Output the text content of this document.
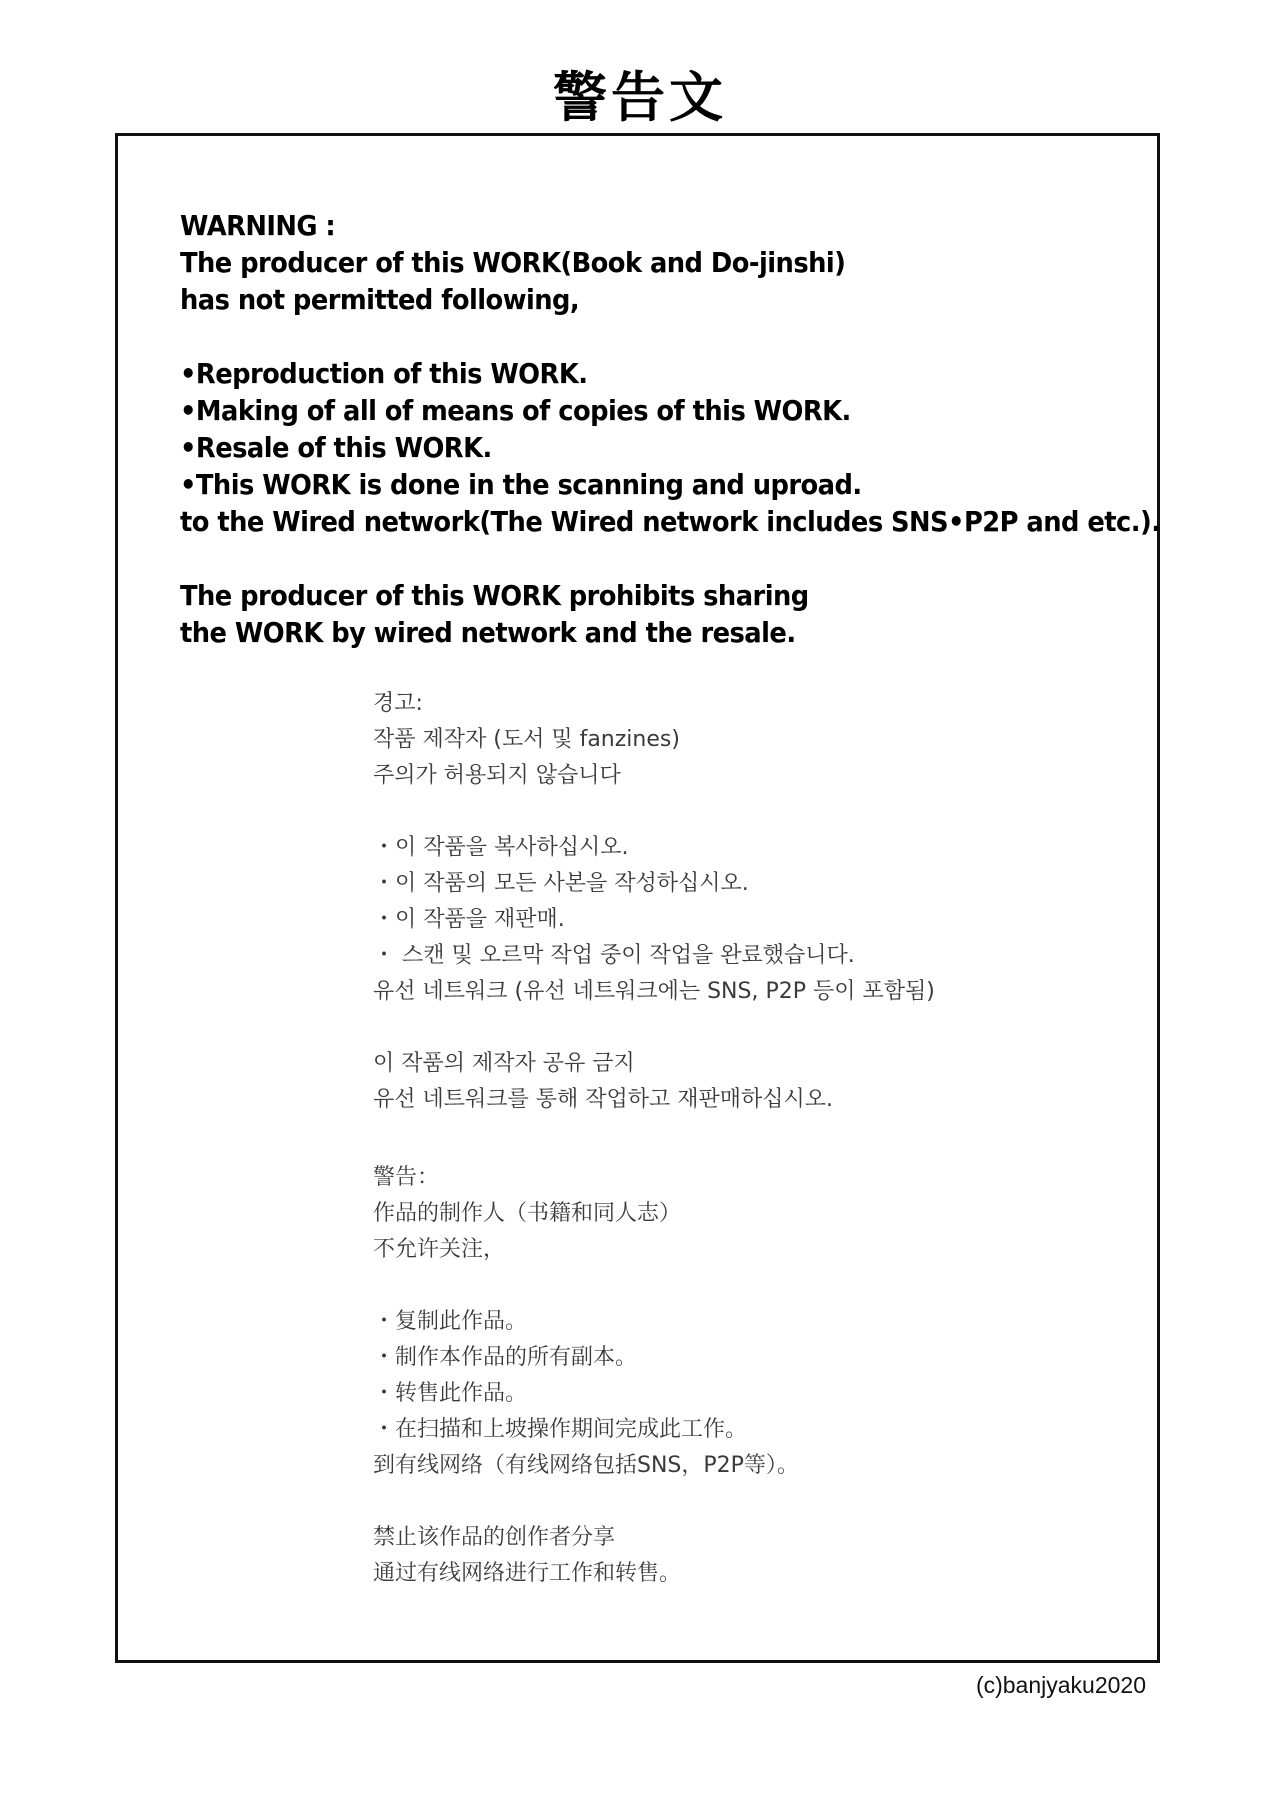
警告文
WARNING :
The producer of this WORK(Book and Do-jinshi)
has not permitted following,
•Reproduction of this WORK.
•Making of all of means of copies of this WORK.
•Resale of this WORK.
•This WORK is done in the scanning and uproad.
to the Wired network(The Wired network includes SNS•P2P and etc.).
The producer of this WORK prohibits sharing
the WORK by wired network and the resale.
경고:
작품 제작자 (도서 및 fanzines)
주의가 허용되지 않습니다
・이 작품을 복사하십시오.
・이 작품의 모든 사본을 작성하십시오.
・이 작품을 재판매.
・ 스캔 및 오르막 작업 중이 작업을 완료했습니다.
유선 네트워크 (유선 네트워크에는 SNS, P2P 등이 포함됨)
이 작품의 제작자 공유 금지
유선 네트워크를 통해 작업하고 재판매하십시오.
警告：
作品的制作人（书籍和同人志）
不允许关注，
・复制此作品。
・制作本作品的所有副本。
・转售此作品。
・在扫描和上坡操作期间完成此工作。
到有线网络（有线网络包括SNS，P2P等）。
禁止该作品的创作者分享
通过有线网络进行工作和转售。
(c)banjyaku2020
